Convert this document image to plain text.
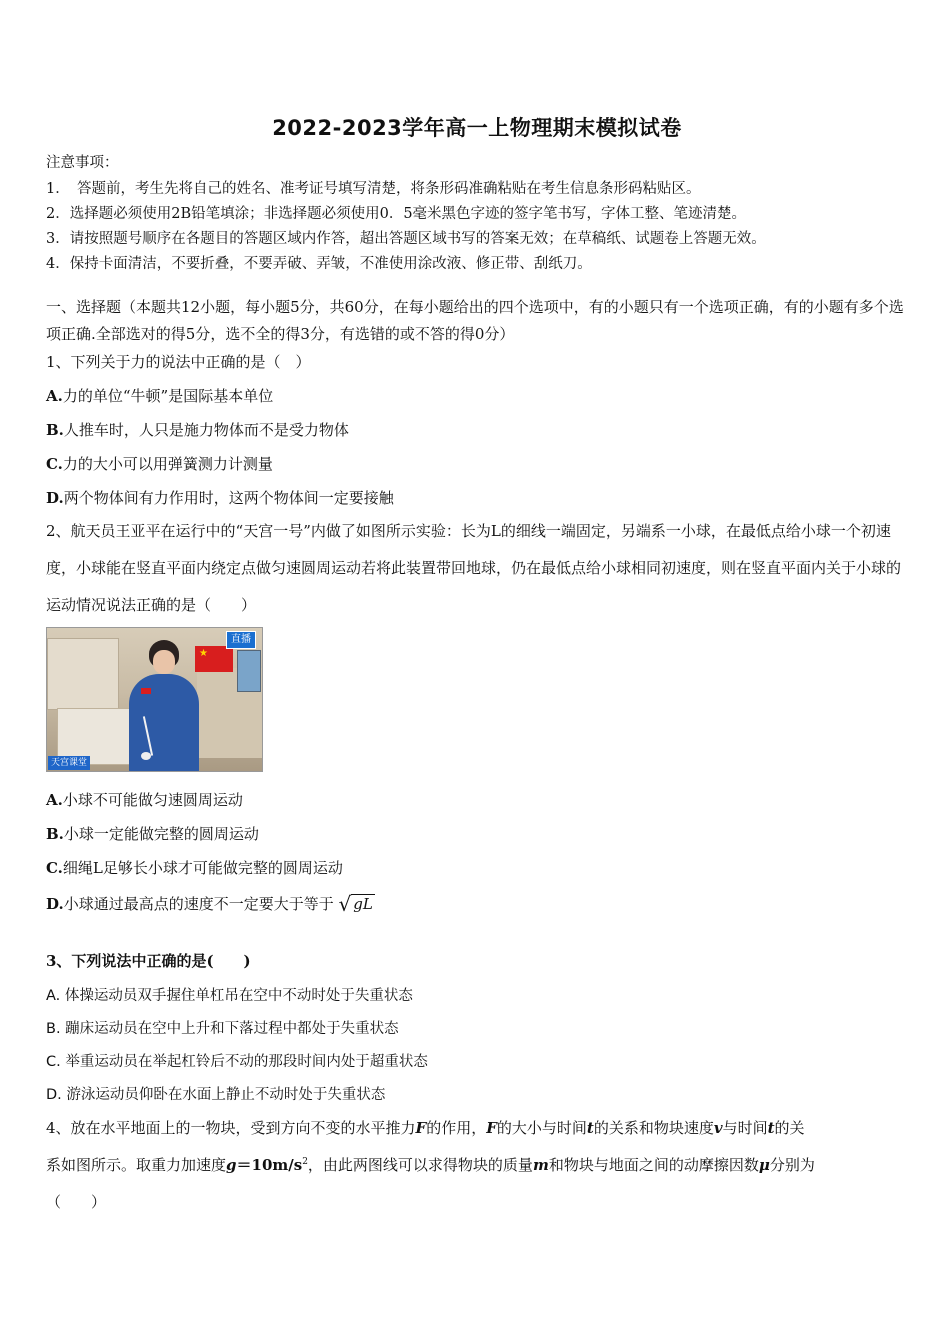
2022-2023学年高一上物理期末模拟试卷
注意事项：
1．　答题前，考生先将自己的姓名、准考证号填写清楚，将条形码准确粘贴在考生信息条形码粘贴区。
2．选择题必须使用2B铅笔填涂；非选择题必须使用0．5毫米黑色字迹的签字笔书写，字体工整、笔迹清楚。
3．请按照题号顺序在各题目的答题区域内作答，超出答题区域书写的答案无效；在草稿纸、试题卷上答题无效。
4．保持卡面清洁，不要折叠，不要弄破、弄皱，不准使用涂改液、修正带、刮纸刀。
一、选择题（本题共12小题，每小题5分，共60分，在每小题给出的四个选项中，有的小题只有一个选项正确，有的小题有多个选项正确.全部选对的得5分，选不全的得3分，有选错的或不答的得0分）
1、下列关于力的说法中正确的是（　）
A.力的单位“牛顿”是国际基本单位
B.人推车时，人只是施力物体而不是受力物体
C.力的大小可以用弹簧测力计测量
D.两个物体间有力作用时，这两个物体间一定要接触
2、航天员王亚平在运行中的“天宫一号”内做了如图所示实验：长为L的细线一端固定，另端系一小球，在最低点给小球一个初速度，小球能在竖直平面内绕定点做匀速圆周运动若将此装置带回地球，仍在最低点给小球相同初速度，则在竖直平面内关于小球的运动情况说法正确的是（　　）
★
直播
天宫课堂
A.小球不可能做匀速圆周运动
B.小球一定能做完整的圆周运动
C.细绳L足够长小球才可能做完整的圆周运动
D.小球通过最高点的速度不一定要大于等于 √ gL
3、下列说法中正确的是(　　)
A. 体操运动员双手握住单杠吊在空中不动时处于失重状态
B. 蹦床运动员在空中上升和下落过程中都处于失重状态
C. 举重运动员在举起杠铃后不动的那段时间内处于超重状态
D. 游泳运动员仰卧在水面上静止不动时处于失重状态
4、放在水平地面上的一物块，受到方向不变的水平推力F的作用，F的大小与时间t的关系和物块速度v与时间t的关
系如图所示。取重力加速度$g=10m/s^2$，由此两图线可以求得物块的质量m和物块与地面之间的动摩擦因数μ分别为
（　　）
